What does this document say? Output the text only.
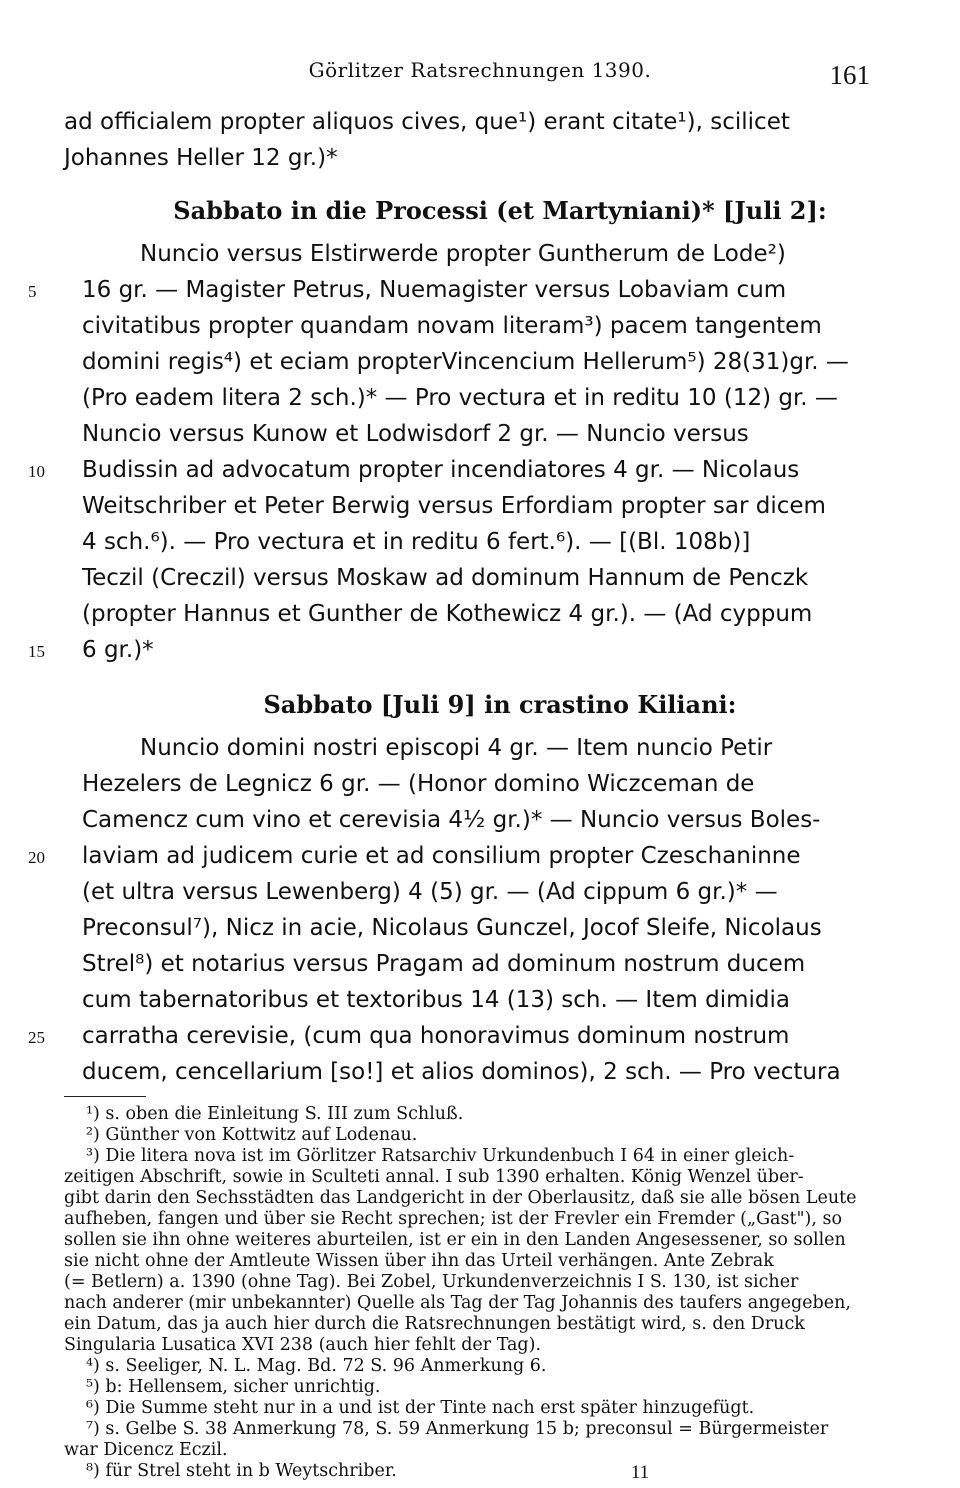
Görlitzer Ratsrechnungen 1390.	161
ad officialem propter aliquos cives, que¹) erant citate¹), scilicet
Johannes Heller 12 gr.)*
Sabbato in die Processi (et Martyniani)* [Juli 2]:
Nuncio versus Elstirwerde propter Guntherum de Lode²)
16 gr. — Magister Petrus, Nuemagister versus Lobaviam cum
civitatibus propter quandam novam literam³) pacem tangentem
domini regis⁴) et eciam propterVincencium Hellerum⁵) 28(31)gr. —
(Pro eadem litera 2 sch.)* — Pro vectura et in reditu 10 (12) gr. —
Nuncio versus Kunow et Lodwisdorf 2 gr. — Nuncio versus
Budissin ad advocatum propter incendiatores 4 gr. — Nicolaus
Weitschriber et Peter Berwig versus Erfordiam propter sar dicem
4 sch.⁶). — Pro vectura et in reditu 6 fert.⁶). — [(Bl. 108b)]
Teczil (Creczil) versus Moskaw ad dominum Hannum de Penczk
(propter Hannus et Gunther de Kothewicz 4 gr.). — (Ad cyppum
6 gr.)*
Sabbato [Juli 9] in crastino Kiliani:
Nuncio domini nostri episcopi 4 gr. — Item nuncio Petir
Hezelers de Legnicz 6 gr. — (Honor domino Wiczceman de
Camencz cum vino et cerevisia 4½ gr.)* — Nuncio versus Boles-
laviam ad judicem curie et ad consilium propter Czeschaninne
(et ultra versus Lewenberg) 4 (5) gr. — (Ad cippum 6 gr.)* —
Preconsul⁷), Nicz in acie, Nicolaus Gunczel, Jocof Sleife, Nicolaus
Strel⁸) et notarius versus Pragam ad dominum nostrum ducem
cum tabernatoribus et textoribus 14 (13) sch. — Item dimidia
carratha cerevisie, (cum qua honoravimus dominum nostrum
ducem, cencellarium [so!] et alios dominos), 2 sch. — Pro vectura
5
10
15
20
25
¹) s. oben die Einleitung S. III zum Schluß.
²) Günther von Kottwitz auf Lodenau.
³) Die litera nova ist im Görlitzer Ratsarchiv Urkundenbuch I 64 in einer gleich-
zeitigen Abschrift, sowie in Sculteti annal. I sub 1390 erhalten. König Wenzel über-
gibt darin den Sechsstädten das Landgericht in der Oberlausitz, daß sie alle bösen Leute
aufheben, fangen und über sie Recht sprechen; ist der Frevler ein Fremder („Gast"), so
sollen sie ihn ohne weiteres aburteilen, ist er ein in den Landen Angesessener, so sollen
sie nicht ohne der Amtleute Wissen über ihn das Urteil verhängen. Ante Zebrak
(= Betlern) a. 1390 (ohne Tag). Bei Zobel, Urkundenverzeichnis I S. 130, ist sicher
nach anderer (mir unbekannter) Quelle als Tag der Tag Johannis des taufers angegeben,
ein Datum, das ja auch hier durch die Ratsrechnungen bestätigt wird, s. den Druck
Singularia Lusatica XVI 238 (auch hier fehlt der Tag).
⁴) s. Seeliger, N. L. Mag. Bd. 72 S. 96 Anmerkung 6.
⁵) b: Hellensem, sicher unrichtig.
⁶) Die Summe steht nur in a und ist der Tinte nach erst später hinzugefügt.
⁷) s. Gelbe S. 38 Anmerkung 78, S. 59 Anmerkung 15 b; preconsul = Bürgermeister
war Dicencz Eczil.
⁸) für Strel steht in b Weytschriber.	11
